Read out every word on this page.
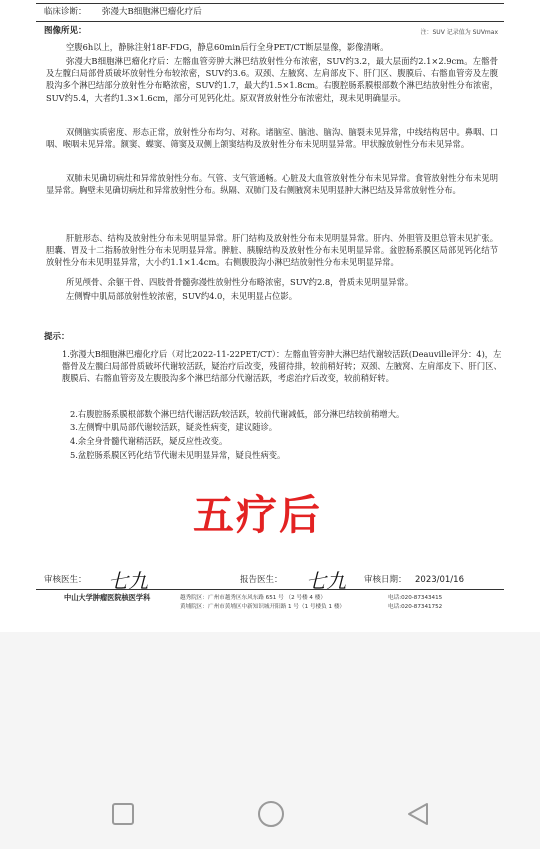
临床诊断： 弥漫大B细胞淋巴瘤化疗后
图像所见：	注：SUV 记录值为 SUVmax
空腹6h以上，静脉注射18F-FDG，静息60min后行全身PET/CT断层显像，影像清晰。
弥漫大B细胞淋巴瘤化疗后：左髂血管旁肿大淋巴结放射性分布浓密，SUV约3.2，最大层面约2.1×2.9cm。左髂骨及左髋臼局部骨质破坏放射性分布较浓密，SUV约3.6。双颈、左腋窝、左肩部皮下、肝门区、腹膜后、右髂血管旁及左腹股沟多个淋巴结部分放射性分布略浓密，SUV约1.7，最大约1.5×1.8cm。右腹腔肠系膜根部数个淋巴结放射性分布浓密，SUV约5.4，大者约1.3×1.6cm，部分可见钙化灶。原双肾放射性分布浓密灶，现未见明确显示。
双侧脑实质密度、形态正常，放射性分布均匀、对称。诸脑室、脑池、脑沟、脑裂未见异常，中线结构居中。鼻咽、口咽、喉咽未见异常。额窦、蝶窦、筛窦及双侧上颌窦结构及放射性分布未见明显异常。甲状腺放射性分布未见异常。
双肺未见确切病灶和异常放射性分布。气管、支气管通畅。心脏及大血管放射性分布未见异常。食管放射性分布未见明显异常。胸壁未见确切病灶和异常放射性分布。纵隔、双肺门及右侧腋窝未见明显肿大淋巴结及异常放射性分布。
肝脏形态、结构及放射性分布未见明显异常。肝门结构及放射性分布未见明显异常。肝内、外胆管及胆总管未见扩张。胆囊、胃及十二指肠放射性分布未见明显异常。脾脏、胰腺结构及放射性分布未见明显异常。盆腔肠系膜区局部见钙化结节放射性分布未见明显异常，大小约1.1×1.4cm。右侧腹股沟小淋巴结放射性分布未见明显异常。
所见颅骨、余躯干骨、四肢骨骨髓弥漫性放射性分布略浓密，SUV约2.8，骨质未见明显异常。
左侧臀中肌局部放射性较浓密，SUV约4.0，未见明显占位影。
提示：
1.弥漫大B细胞淋巴瘤化疗后（对比2022-11-22PET/CT）：左髂血管旁肿大淋巴结代谢较活跃(Deauville评分：4)，左髂骨及左髋臼局部骨质破坏代谢较活跃，疑治疗后改变，残留待排，较前稍好转；双颈、左腋窝、左肩部皮下、肝门区、腹膜后、右髂血管旁及左腹股沟多个淋巴结部分代谢活跃，考虑治疗后改变，较前稍好转。
2.右腹腔肠系膜根部数个淋巴结代谢活跃/较活跃，较前代谢减低，部分淋巴结较前稍增大。
3.左侧臀中肌局部代谢较活跃，疑炎性病变，建议随诊。
4.余全身骨髓代谢稍活跃，疑反应性改变。
5.盆腔肠系膜区钙化结节代谢未见明显异常，疑良性病变。
五疗后
审核医生： 七九	报告医生： 七九 审核日期： 2023/01/16
中山大学肿瘤医院核医学科	越秀院区：广州市越秀区东风东路 651 号 （2 号楼 4 楼）
黄埔院区：广州市黄埔区中新知识城开阳路 1 号（1 号楼负 1 楼）
电话:020-87343415
电话:020-87341752
